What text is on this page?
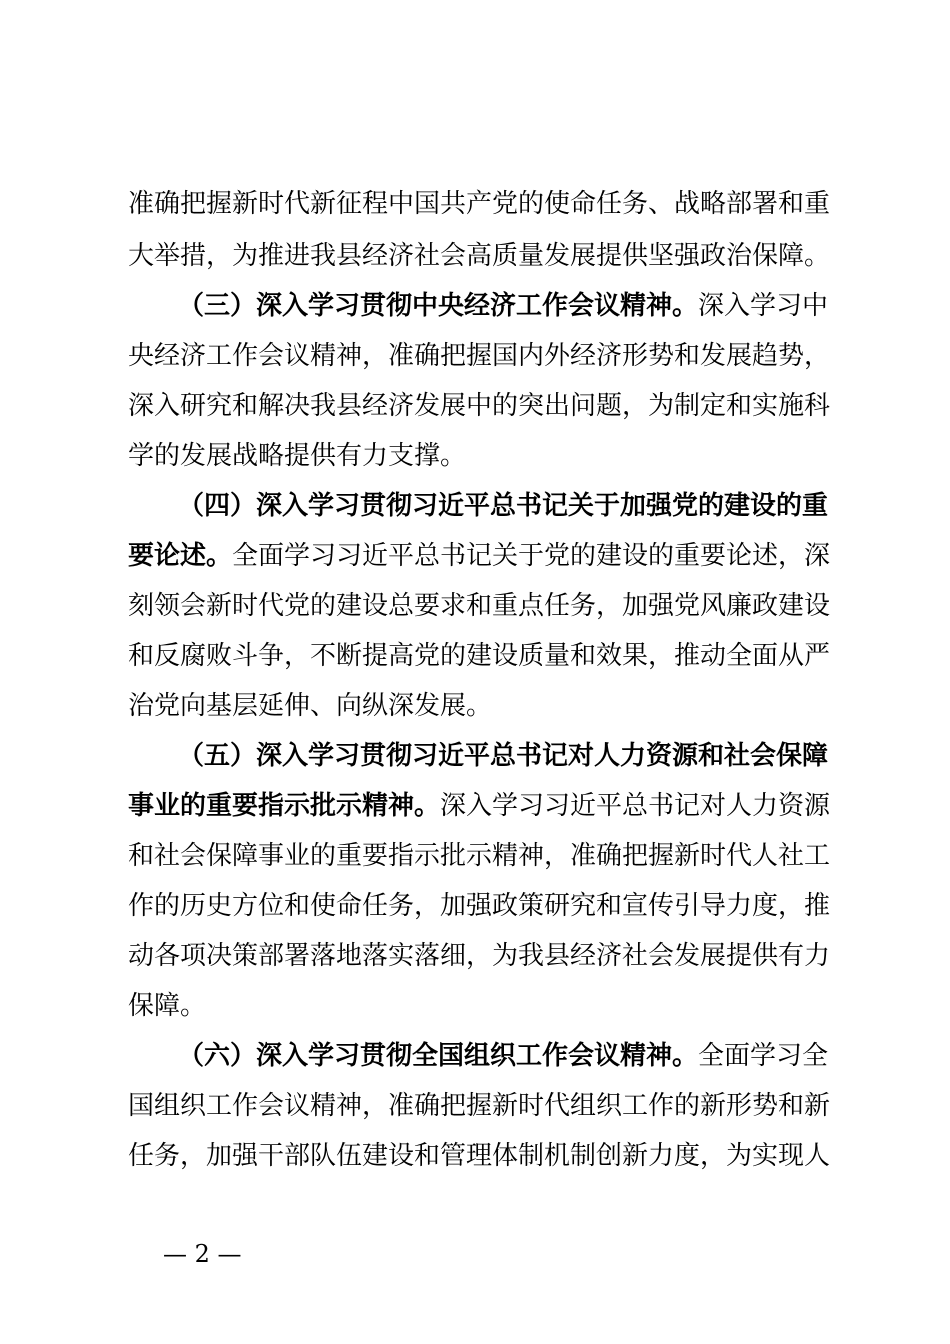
准确把握新时代新征程中国共产党的使命任务、战略部署和重
大举措，为推进我县经济社会高质量发展提供坚强政治保障。
（三）深入学习贯彻中央经济工作会议精神。深入学习中
央经济工作会议精神，准确把握国内外经济形势和发展趋势，
深入研究和解决我县经济发展中的突出问题，为制定和实施科
学的发展战略提供有力支撑。
（四）深入学习贯彻习近平总书记关于加强党的建设的重
要论述。全面学习习近平总书记关于党的建设的重要论述，深
刻领会新时代党的建设总要求和重点任务，加强党风廉政建设
和反腐败斗争，不断提高党的建设质量和效果，推动全面从严
治党向基层延伸、向纵深发展。
（五）深入学习贯彻习近平总书记对人力资源和社会保障
事业的重要指示批示精神。深入学习习近平总书记对人力资源
和社会保障事业的重要指示批示精神，准确把握新时代人社工
作的历史方位和使命任务，加强政策研究和宣传引导力度，推
动各项决策部署落地落实落细，为我县经济社会发展提供有力
保障。
（六）深入学习贯彻全国组织工作会议精神。全面学习全
国组织工作会议精神，准确把握新时代组织工作的新形势和新
任务，加强干部队伍建设和管理体制机制创新力度，为实现人
— 2 —
